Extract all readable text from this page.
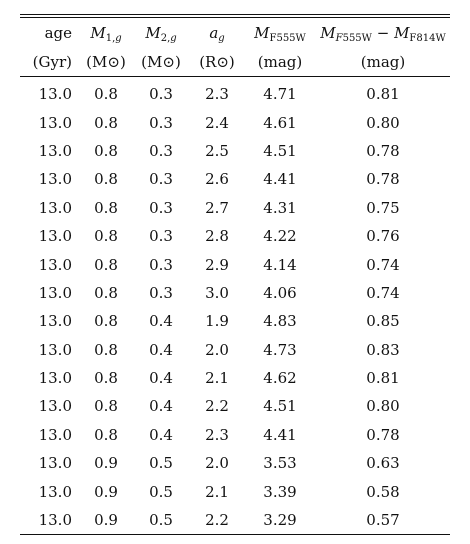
age	$M_{1,g}$	$M_{2,g}$	$a_g$	$M_{F555W}$	$M_{F555W} - M_{F814W}$
(Gyr)	(M⊙)	(M⊙)	(R⊙)	(mag)	(mag)
13.0	0.8	0.3	2.3	4.71	0.81
13.0	0.8	0.3	2.4	4.61	0.80
13.0	0.8	0.3	2.5	4.51	0.78
13.0	0.8	0.3	2.6	4.41	0.78
13.0	0.8	0.3	2.7	4.31	0.75
13.0	0.8	0.3	2.8	4.22	0.76
13.0	0.8	0.3	2.9	4.14	0.74
13.0	0.8	0.3	3.0	4.06	0.74
13.0	0.8	0.4	1.9	4.83	0.85
13.0	0.8	0.4	2.0	4.73	0.83
13.0	0.8	0.4	2.1	4.62	0.81
13.0	0.8	0.4	2.2	4.51	0.80
13.0	0.8	0.4	2.3	4.41	0.78
13.0	0.9	0.5	2.0	3.53	0.63
13.0	0.9	0.5	2.1	3.39	0.58
13.0	0.9	0.5	2.2	3.29	0.57
